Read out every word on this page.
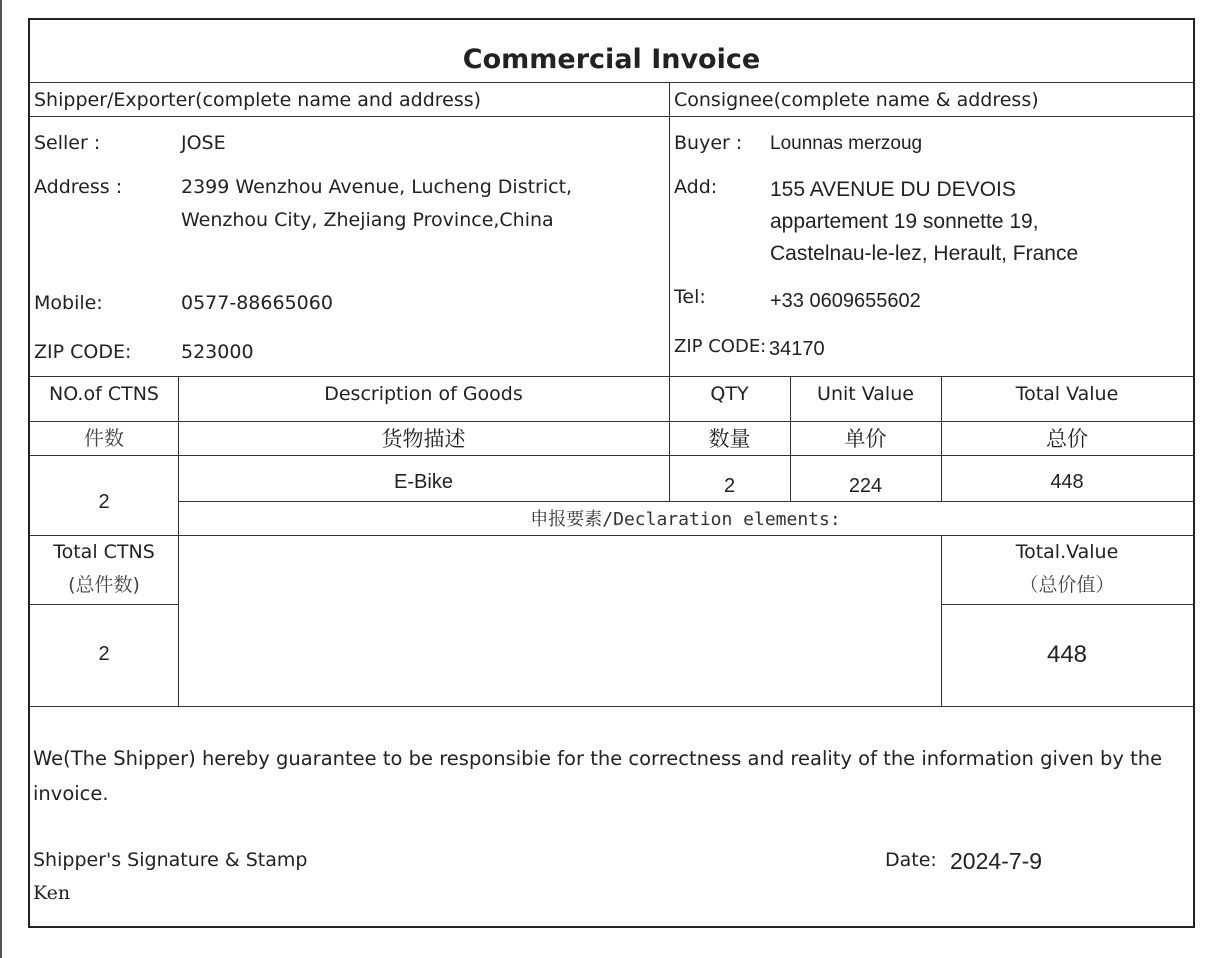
Commercial Invoice
Shipper/Exporter(complete name and address)	Consignee(complete name & address)
Seller :	JOSE
Address :	2399 Wenzhou Avenue, Lucheng District,
Wenzhou City, Zhejiang Province,China
Mobile:	0577-88665060
ZIP CODE:	523000
Buyer : Lounnas merzoug
Add:	155 AVENUE DU DEVOIS
appartement 19 sonnette 19,
Castelnau-le-lez, Herault, France
Tel:	+33 0609655602
ZIP CODE: 34170
NO.of CTNS	Description of Goods	QTY	Unit Value	Total Value
件数	货物描述	数量	单价	总价
2
E-Bike	2	224	448
申报要素/Declaration elements:
Total CTNS
(总件数)
2
Total.Value
（总价值）
448
We(The Shipper) hereby guarantee to be responsibie for the correctness and reality of the information given by the
invoice.
Shipper's Signature & Stamp
Ken
Date: 2024-7-9
